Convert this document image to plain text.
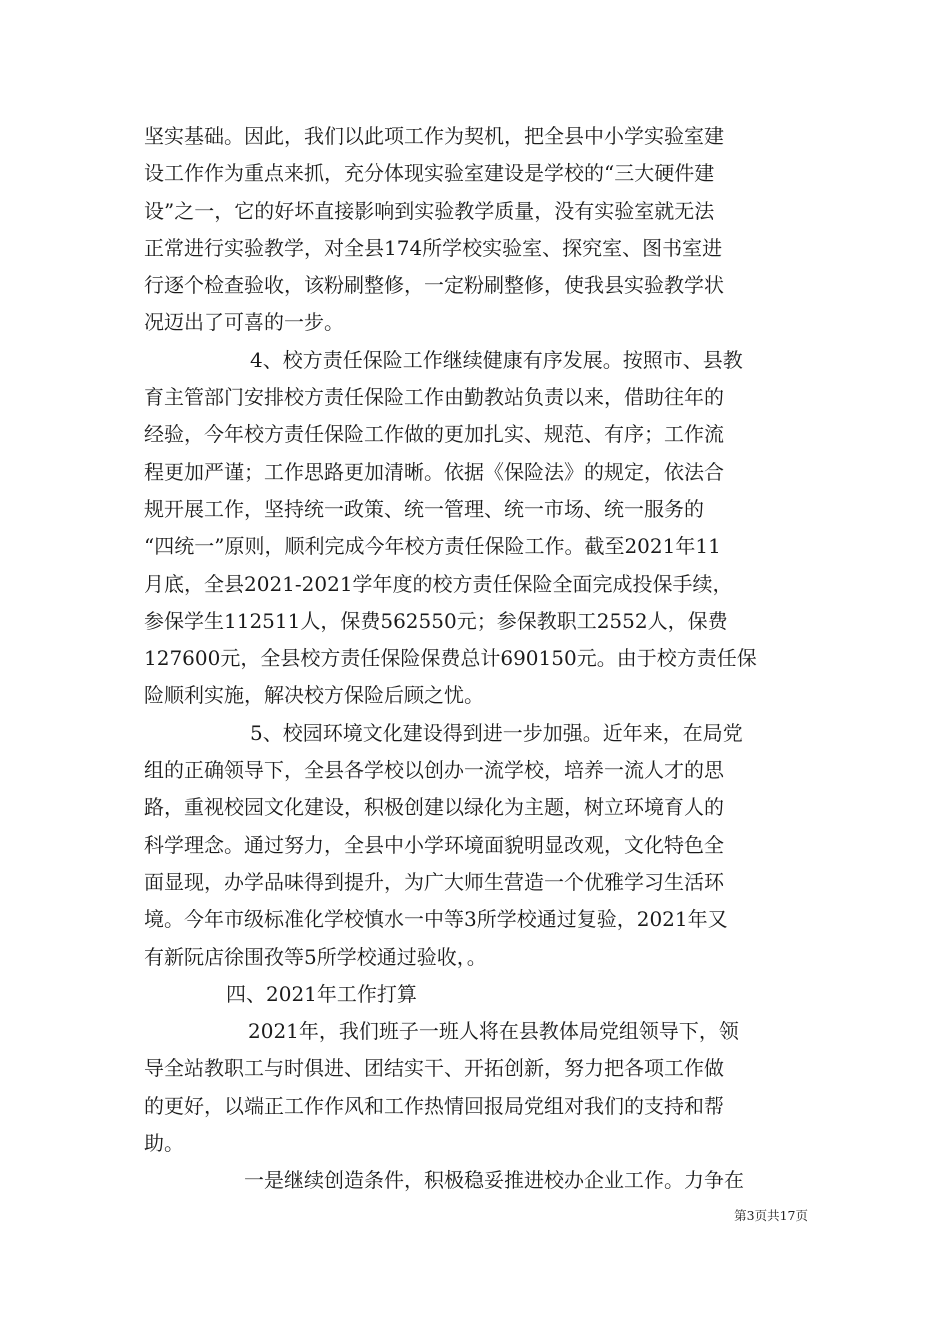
坚实基础。因此，我们以此项工作为契机，把全县中小学实验室建
设工作作为重点来抓，充分体现实验室建设是学校的“三大硬件建
设”之一，它的好坏直接影响到实验教学质量，没有实验室就无法
正常进行实验教学，对全县174所学校实验室、探究室、图书室进
行逐个检查验收，该粉刷整修，一定粉刷整修，使我县实验教学状
况迈出了可喜的一步。
4、校方责任保险工作继续健康有序发展。按照市、县教
育主管部门安排校方责任保险工作由勤教站负责以来，借助往年的
经验，今年校方责任保险工作做的更加扎实、规范、有序；工作流
程更加严谨；工作思路更加清晰。依据《保险法》的规定，依法合
规开展工作，坚持统一政策、统一管理、统一市场、统一服务的
“四统一”原则，顺利完成今年校方责任保险工作。截至2021年11
月底，全县2021-2021学年度的校方责任保险全面完成投保手续，
参保学生112511人，保费562550元；参保教职工2552人，保费
127600元，全县校方责任保险保费总计690150元。由于校方责任保
险顺利实施，解决校方保险后顾之忧。
5、校园环境文化建设得到进一步加强。近年来，在局党
组的正确领导下，全县各学校以创办一流学校，培养一流人才的思
路，重视校园文化建设，积极创建以绿化为主题，树立环境育人的
科学理念。通过努力，全县中小学环境面貌明显改观，文化特色全
面显现，办学品味得到提升，为广大师生营造一个优雅学习生活环
境。今年市级标准化学校慎水一中等3所学校通过复验，2021年又
有新阮店徐围孜等5所学校通过验收，。
四、2021年工作打算
2021年，我们班子一班人将在县教体局党组领导下，领
导全站教职工与时俱进、团结实干、开拓创新，努力把各项工作做
的更好，以端正工作作风和工作热情回报局党组对我们的支持和帮
助。
一是继续创造条件，积极稳妥推进校办企业工作。力争在
第3页共17页
